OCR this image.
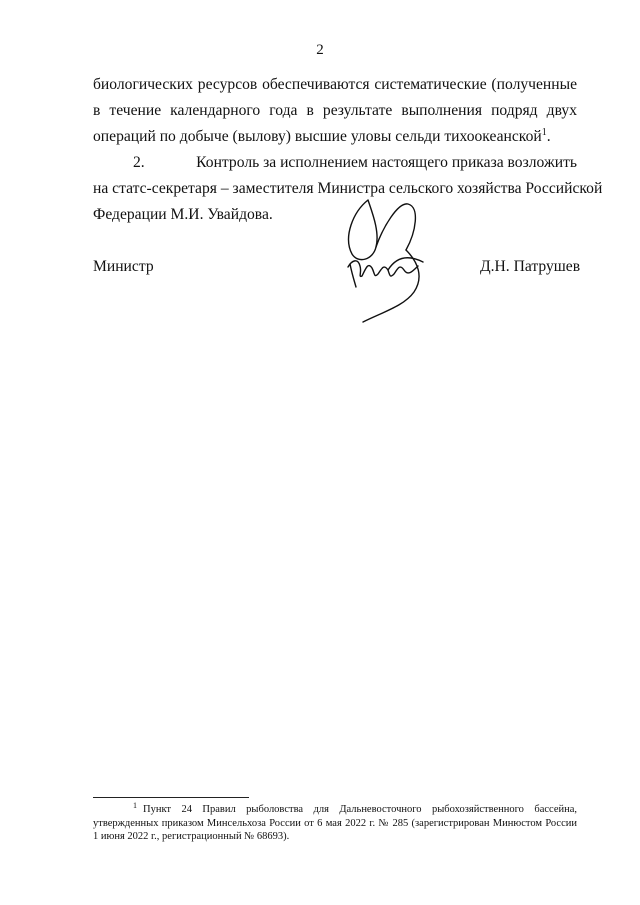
2
биологических ресурсов обеспечиваются систематические (полученные
в течение календарного года в результате выполнения подряд двух
операций по добыче (вылову) высшие уловы сельди тихоокеанской$^1$.
2.	Контроль за исполнением настоящего приказа возложить
на статс-секретаря – заместителя Министра сельского хозяйства Российской
Федерации М.И. Увайдова.
Министр	Д.Н. Патрушев
1 Пункт 24 Правил рыболовства для Дальневосточного рыбохозяйственного бассейна,
утвержденных приказом Минсельхоза России от 6 мая 2022 г. № 285 (зарегистрирован Минюстом России
1 июня 2022 г., регистрационный № 68693).
